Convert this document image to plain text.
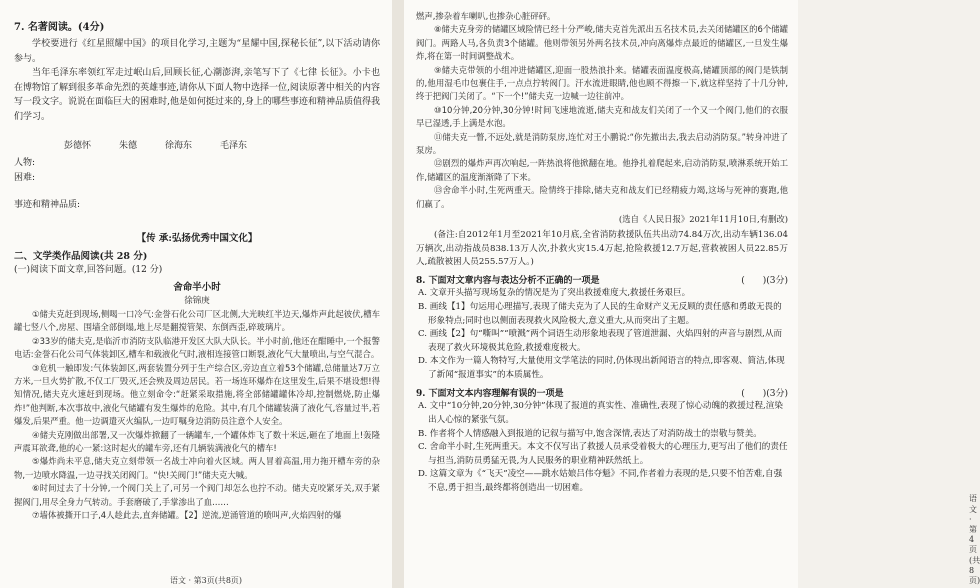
7. 名著阅读。(4分)

学校要进行《红星照耀中国》的项目化学习,主题为“星耀中国,探秘长征”,以下活动请你参与。

当年毛泽东率领红军走过岷山后,回顾长征,心潮澎湃,亲笔写下了《七律 长征》。小卡也在博物馆了解到很多革命先烈的英雄事迹,请你从下面人物中选择一位,阅读原著中相关的内容写一段文字。说说在面临巨大的困难时,他是如何挺过来的,身上的哪些事迹和精神品质值得我们学习。

彭德怀	朱德	徐海东	毛泽东

人物:

困难:

事迹和精神品质:

【传 承:弘扬优秀中国文化】

二、文学类作品阅读(共 28 分)

(一)阅读下面文章,回答问题。(12 分)

舍命半小时

徐锦庚

①储夫克赶到现场,侧喝一口冷气:金誉石化公司厂区北侧,大光映红半边天,爆炸声此起彼伏,槽车罐七竖八个,房屋、围墙全部倒塌,地上尽是翻搅管架、东倒西歪,碎玻璃片。

②33岁的储夫克,是临沂市消防支队临港开发区大队大队长。半小时前,他还在酣睡中,一个报警电话:金誉石化公司气体装卸区,槽车和载液化气时,液相连接管口断裂,液化气大量喷出,与空气混合。

③危机一触即发:气体装卸区,两套装置分列于生产综合区,旁边直立着53个储罐,总储量达7万立方米,一旦火势扩散,不仅工厂毁灭,还会殃及周边居民。若一场连环爆炸在这里发生,后果不堪设想!得知情况,储夫克火速赶到现场。他立刻命令:“赶紧采取措施,将全部储罐罐体冷却,控制燃烧,防止爆炸!”他判断,本次事故中,液化气储罐有发生爆炸的危险。其中,有几个储罐装满了液化气,容量过半,若爆发,后果严重。他一边调遣灭火编队,一边叮嘱身边消防员注意个人安全。

④储夫克刚做出部署,又一次爆炸掀翻了一辆罐车,一个罐体炸飞了数十米远,砸在了地面上!轰隆声震耳欲聋,他的心一紧:这时起火的罐车旁,还有几辆装满液化气的槽车!

⑤爆炸尚未平息,储夫克立刻带领一名战士冲向着火区域。两人冒着高温,用力拖开槽车旁的杂物,一边喷水降温,一边寻找关闭阀门。“快!关阀门!”储夫克大喊。

⑥时间过去了十分钟,一个阀门关上了,可另一个阀门却怎么也拧不动。储夫克咬紧牙关,双手紧握阀门,用尽全身力气转动。手套磨破了,手掌渗出了血……

⑦墙体被撕开口子,4人趁此去,直奔储罐。【2】逆流,逆涌管道的喷叫声,火焰四射的爆

语文 · 第3页(共8页)

燃声,掺杂着车喇叭,也掺杂心脏砰砰。

⑧储夫克身旁的储罐区域险情已经十分严峻,储夫克首先派出五名技术员,去关闭储罐区的6个储罐阀门。两路人马,各负责3个储罐。他则带领另外两名技术员,冲向离爆炸点最近的储罐区,一旦发生爆炸,将在第一时间调整战术。

⑨储夫克带领的小组冲进储罐区,迎面一股热浪扑来。储罐表面温度极高,储罐顶部的阀门是铁制的,他用湿毛巾包裹住手,一点点拧转阀门。汗水流进眼睛,他也顾不得擦一下,就这样坚持了十几分钟,终于把阀门关闭了。“下一个!”储夫克一边喊一边往前冲。

⑩10分钟,20分钟,30分钟!时间飞速地流逝,储夫克和战友们关闭了一个又一个阀门,他们的衣服早已湿透,手上满是水泡。

⑪储夫克一瞥,不远处,就是消防泵房,连忙对王小鹏说:“你先撤出去,我去启动消防泵。”转身冲进了泵房。

⑫剧烈的爆炸声再次响起,一阵热浪将他掀翻在地。他挣扎着爬起来,启动消防泵,喷淋系统开始工作,储罐区的温度渐渐降了下来。

⑬舍命半小时,生死两重天。险情终于排除,储夫克和战友们已经精疲力竭,这场与死神的赛跑,他们赢了。

(选自《人民日报》2021年11月10日,有删改)

(备注:自2012年1月至2021年10月底,全省消防救援队伍共出动74.84万次,出动车辆136.04万辆次,出动指战员838.13万人次,扑救火灾15.4万起,抢险救援12.7万起,营救被困人员22.85万人,疏散被困人员255.57万人。)

8. 下面对文章内容与表达分析不正确的一项是	(　　)(3分)

A. 文章开头描写现场复杂的情况是为了突出救援难度大,救援任务艰巨。

B. 画线【1】句运用心理描写,表现了储夫克为了人民的生命财产义无反顾的责任感和勇敢无畏的形象特点;同时也以侧面表现救火风险极大,意义重大,从而突出了主题。

C. 画线【2】句“嘶叫”“喷溅”两个词语生动形象地表现了管道泄漏、火焰四射的声音与剧烈,从而表现了救火环境极其危险,救援难度极大。

D. 本文作为一篇人物特写,大量使用文学笔法的同时,仍体现出新闻语言的特点,即客观、简洁,体现了新闻“报道事实”的本质属性。

9. 下面对文本内容理解有误的一项是	(　　)(3分)

A. 文中“10分钟,20分钟,30分钟”体现了报道的真实性、准确性,表现了惊心动魄的救援过程,渲染出人心惊的紧张气氛。

B. 作者将个人情感融入到报道的记叙与描写中,饱含深情,表达了对消防战士的崇敬与赞美。

C. 舍命半小时,生死两重天。本文不仅写出了救援人员承受着极大的心理压力,更写出了他们的责任与担当,消防员勇猛无畏,为人民服务的职业精神跃然纸上。

D. 这篇文章为《“飞天”凌空——跳水姑娘吕伟夺魁》不同,作者着力表现的是,只要不怕苦难,自强不息,勇于担当,最终都将创造出一切困难。

语文 · 第4页(共8页)
